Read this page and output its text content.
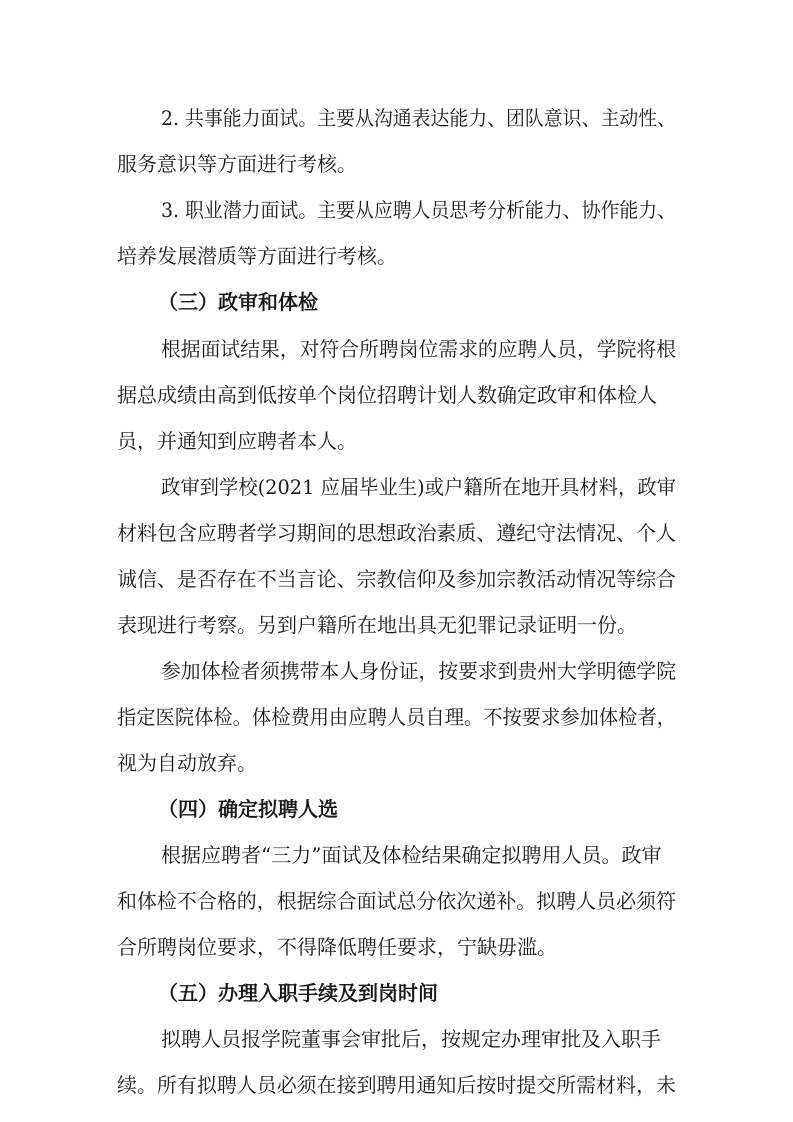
2. 共事能力面试。主要从沟通表达能力、团队意识、主动性、
服务意识等方面进行考核。
3. 职业潜力面试。主要从应聘人员思考分析能力、协作能力、
培养发展潜质等方面进行考核。
（三）政审和体检
根据面试结果，对符合所聘岗位需求的应聘人员，学院将根
据总成绩由高到低按单个岗位招聘计划人数确定政审和体检人
员，并通知到应聘者本人。
政审到学校(2021 应届毕业生)或户籍所在地开具材料，政审
材料包含应聘者学习期间的思想政治素质、遵纪守法情况、个人
诚信、是否存在不当言论、宗教信仰及参加宗教活动情况等综合
表现进行考察。另到户籍所在地出具无犯罪记录证明一份。
参加体检者须携带本人身份证，按要求到贵州大学明德学院
指定医院体检。体检费用由应聘人员自理。不按要求参加体检者，
视为自动放弃。
（四）确定拟聘人选
根据应聘者“三力”面试及体检结果确定拟聘用人员。政审
和体检不合格的，根据综合面试总分依次递补。拟聘人员必须符
合所聘岗位要求，不得降低聘任要求，宁缺毋滥。
（五）办理入职手续及到岗时间
拟聘人员报学院董事会审批后，按规定办理审批及入职手
续。所有拟聘人员必须在接到聘用通知后按时提交所需材料，未
